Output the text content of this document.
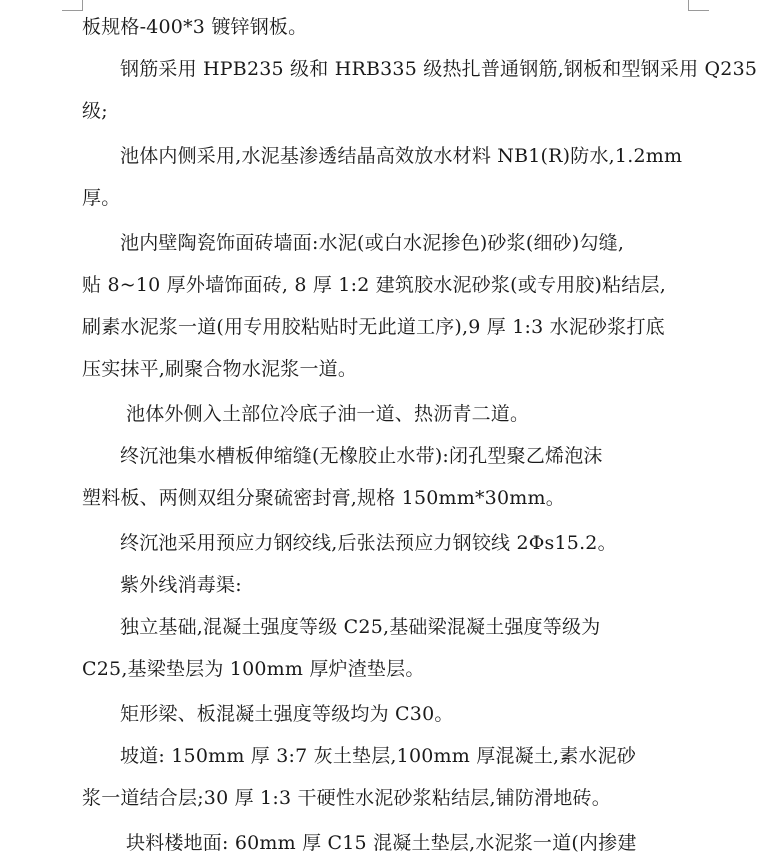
板规格-400*3 镀锌钢板。
钢筋采用 HPB235 级和 HRB335 级热扎普通钢筋,钢板和型钢采用 Q235
级;
池体内侧采用,水泥基渗透结晶高效放水材料 NB1(R)防水,1.2mm
厚。
池内壁陶瓷饰面砖墙面:水泥(或白水泥掺色)砂浆(细砂)勾缝,
贴 8~10 厚外墙饰面砖, 8 厚 1:2 建筑胶水泥砂浆(或专用胶)粘结层,
刷素水泥浆一道(用专用胶粘贴时无此道工序),9 厚 1:3 水泥砂浆打底
压实抹平,刷聚合物水泥浆一道。
池体外侧入土部位冷底子油一道、热沥青二道。
终沉池集水槽板伸缩缝(无橡胶止水带):闭孔型聚乙烯泡沫
塑料板、两侧双组分聚硫密封膏,规格 150mm*30mm。
终沉池采用预应力钢绞线,后张法预应力钢铰线 2Φs15.2。
紫外线消毒渠:
独立基础,混凝土强度等级 C25,基础梁混凝土强度等级为
C25,基梁垫层为 100mm 厚炉渣垫层。
矩形梁、板混凝土强度等级均为 C30。
坡道: 150mm 厚 3:7 灰土垫层,100mm 厚混凝土,素水泥砂
浆一道结合层;30 厚 1:3 干硬性水泥砂浆粘结层,铺防滑地砖。
块料楼地面: 60mm 厚 C15 混凝土垫层,水泥浆一道(内掺建
